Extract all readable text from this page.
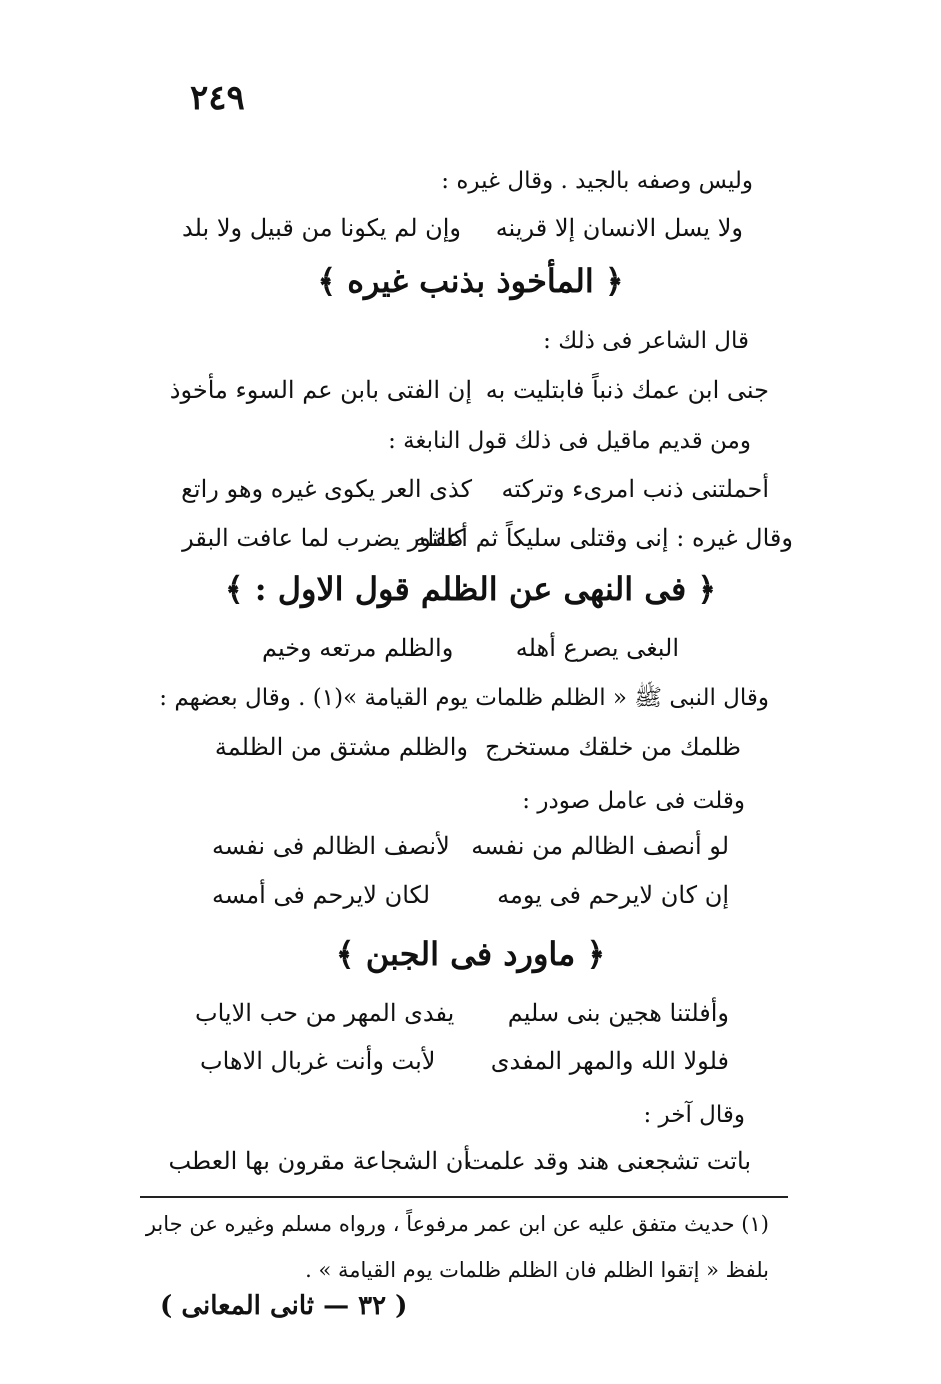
٢٤٩
وليس وصفه بالجيد . وقال غيره :
ولا يسل الانسان إلا قرينه
وإن لم يكونا من قبيل ولا بلد
﴿ المأخوذ بذنب غيره ﴾
قال الشاعر فى ذلك :
جنى ابن عمك ذنباً فابتليت به
إن الفتى بابن عم السوء مأخوذ
ومن قديم ماقيل فى ذلك قول النابغة :
أحملتنى ذنب امرىء وتركته
كذى العر يكوى غيره وهو راتع
وقال غيره : إنى وقتلى سليكاً ثم أعقله
كالثور يضرب لما عافت البقر
﴿ فى النهى عن الظلم قول الاول : ﴾
البغى يصرع أهله
والظلم مرتعه وخيم
وقال النبى ﷺ « الظلم ظلمات يوم القيامة »(١) . وقال بعضهم :
ظلمك من خلقك مستخرج
والظلم مشتق من الظلمة
وقلت فى عامل صودر :
لو أنصف الظالم من نفسه
لأنصف الظالم فى نفسه
إن كان لايرحم فى يومه
لكان لايرحم فى أمسه
﴿ ماورد فى الجبن ﴾
وأفلتنا هجين بنى سليم
يفدى المهر من حب الاياب
فلولا الله والمهر المفدى
لأبت وأنت غربال الاهاب
وقال آخر :
باتت تشجعنى هند وقد علمت
أن الشجاعة مقرون بها العطب
(١) حديث متفق عليه عن ابن عمر مرفوعاً ، ورواه مسلم وغيره عن جابر
بلفظ « إتقوا الظلم فان الظلم ظلمات يوم القيامة » .
( ٣٢ — ثانى المعانى )
